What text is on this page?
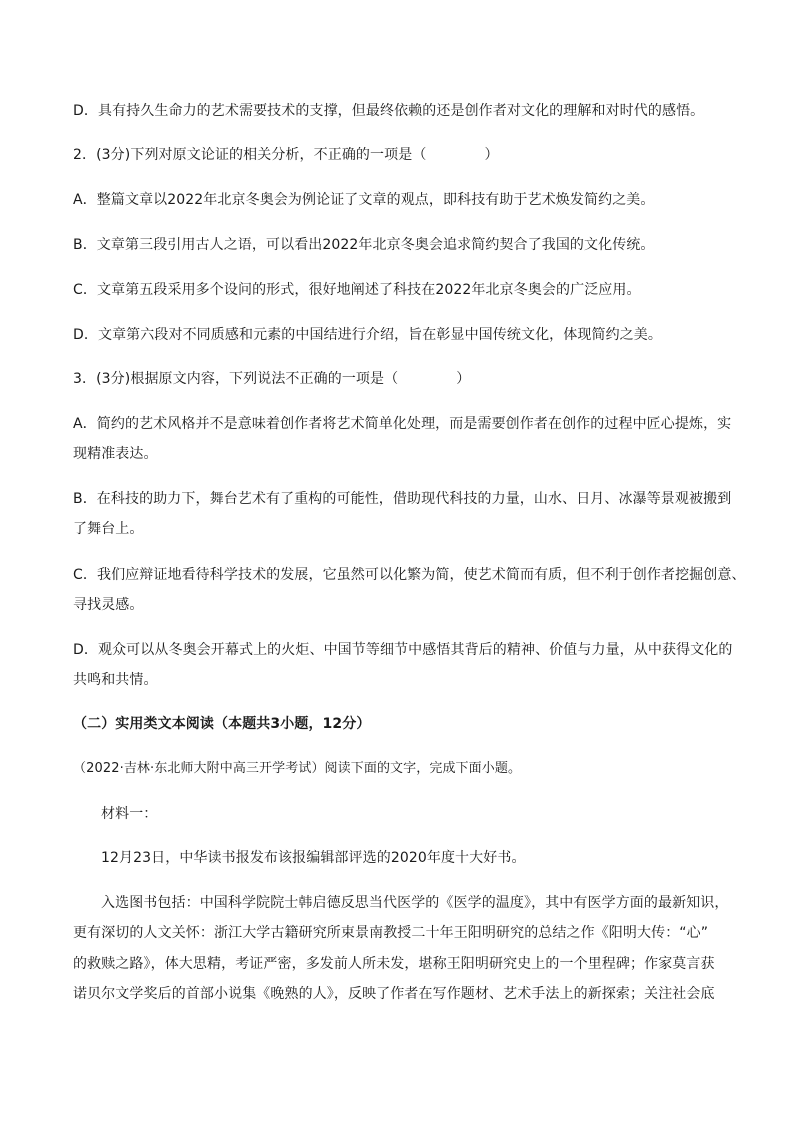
D．具有持久生命力的艺术需要技术的支撑，但最终依赖的还是创作者对文化的理解和对时代的感悟。
2．(3分)下列对原文论证的相关分析，不正确的一项是（	）
A．整篇文章以2022年北京冬奥会为例论证了文章的观点，即科技有助于艺术焕发简约之美。
B．文章第三段引用古人之语，可以看出2022年北京冬奥会追求简约契合了我国的文化传统。
C．文章第五段采用多个设问的形式，很好地阐述了科技在2022年北京冬奥会的广泛应用。
D．文章第六段对不同质感和元素的中国结进行介绍，旨在彰显中国传统文化，体现简约之美。
3．(3分)根据原文内容，下列说法不正确的一项是（	）
A．简约的艺术风格并不是意味着创作者将艺术简单化处理，而是需要创作者在创作的过程中匠心提炼，实
现精准表达。
B．在科技的助力下，舞台艺术有了重构的可能性，借助现代科技的力量，山水、日月、冰瀑等景观被搬到
了舞台上。
C．我们应辩证地看待科学技术的发展，它虽然可以化繁为简，使艺术简而有质，但不利于创作者挖掘创意、
寻找灵感。
D．观众可以从冬奥会开幕式上的火炬、中国节等细节中感悟其背后的精神、价值与力量，从中获得文化的
共鸣和共情。
（二）实用类文本阅读（本题共3小题，12分）
（2022·吉林·东北师大附中高三开学考试）阅读下面的文字，完成下面小题。
材料一：
12月23日，中华读书报发布该报编辑部评选的2020年度十大好书。
入选图书包括：中国科学院院士韩启德反思当代医学的《医学的温度》，其中有医学方面的最新知识，
更有深切的人文关怀：浙江大学古籍研究所束景南教授二十年王阳明研究的总结之作《阳明大传：“心”
的救赎之路》，体大思精，考证严密，多发前人所未发，堪称王阳明研究史上的一个里程碑；作家莫言获
诺贝尔文学奖后的首部小说集《晚熟的人》，反映了作者在写作题材、艺术手法上的新探索；关注社会底
